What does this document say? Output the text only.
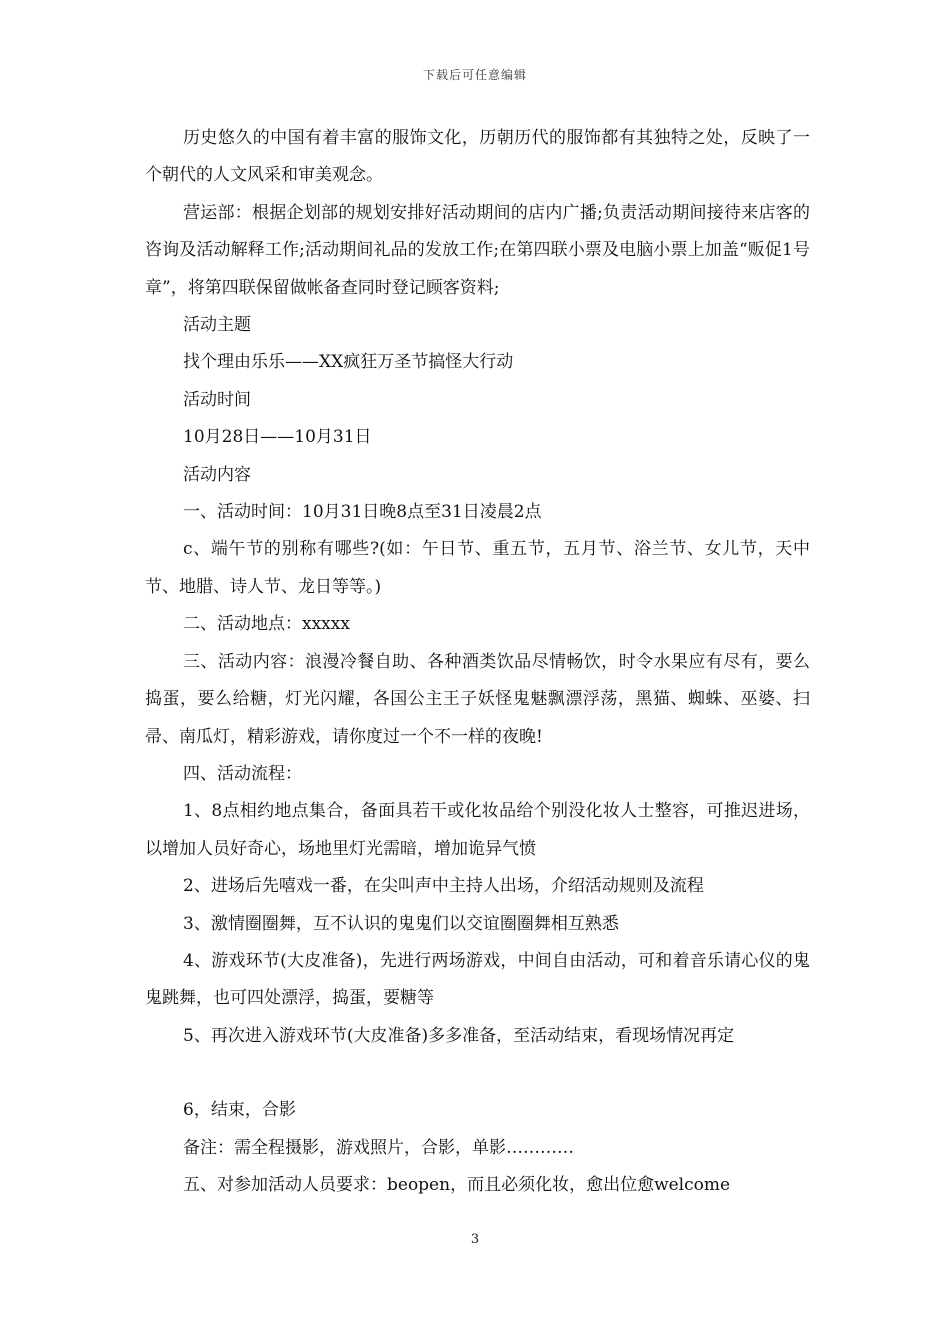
下载后可任意编辑

历史悠久的中国有着丰富的服饰文化，历朝历代的服饰都有其独特之处，反映了一个朝代的人文风采和审美观念。

营运部：根据企划部的规划安排好活动期间的店内广播;负责活动期间接待来店客的咨询及活动解释工作;活动期间礼品的发放工作;在第四联小票及电脑小票上加盖“贩促1号章”，将第四联保留做帐备查同时登记顾客资料;

活动主题

找个理由乐乐——XX疯狂万圣节搞怪大行动

活动时间

10月28日——10月31日

活动内容

一、活动时间：10月31日晚8点至31日凌晨2点

c、端午节的别称有哪些?(如：午日节、重五节，五月节、浴兰节、女儿节，天中节、地腊、诗人节、龙日等等。)

二、活动地点：xxxxx

三、活动内容：浪漫冷餐自助、各种酒类饮品尽情畅饮，时令水果应有尽有，要么捣蛋，要么给糖，灯光闪耀，各国公主王子妖怪鬼魅飘漂浮荡，黑猫、蜘蛛、巫婆、扫帚、南瓜灯，精彩游戏，请你度过一个不一样的夜晚!

四、活动流程：

1、8点相约地点集合，备面具若干或化妆品给个别没化妆人士整容，可推迟进场，以增加人员好奇心，场地里灯光需暗，增加诡异气愤

2、进场后先嘻戏一番，在尖叫声中主持人出场，介绍活动规则及流程

3、激情圈圈舞，互不认识的鬼鬼们以交谊圈圈舞相互熟悉

4、游戏环节(大皮准备)，先进行两场游戏，中间自由活动，可和着音乐请心仪的鬼鬼跳舞，也可四处漂浮，捣蛋，要糖等

5、再次进入游戏环节(大皮准备)多多准备，至活动结束，看现场情况再定

6，结束，合影

备注：需全程摄影，游戏照片，合影，单影…………

五、对参加活动人员要求：beopen，而且必须化妆，愈出位愈welcome

3
